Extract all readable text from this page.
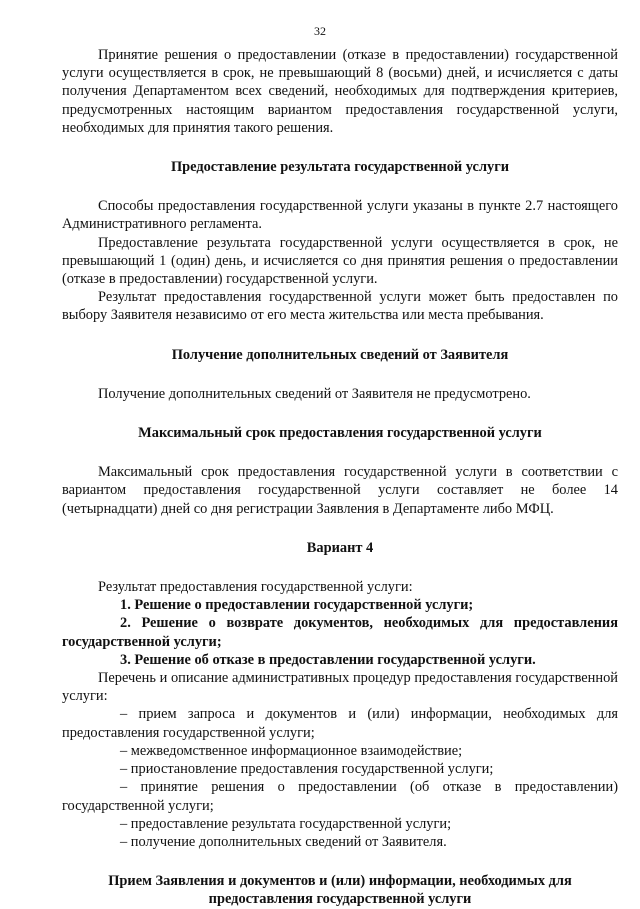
32

Принятие решения о предоставлении (отказе в предоставлении) государственной услуги осуществляется в срок, не превышающий 8 (восьми) дней, и исчисляется с даты получения Департаментом всех сведений, необходимых для подтверждения критериев, предусмотренных настоящим вариантом предоставления государственной услуги, необходимых для принятия такого решения.

Предоставление результата государственной услуги

Способы предоставления государственной услуги указаны в пункте 2.7 настоящего Административного регламента.

Предоставление результата государственной услуги осуществляется в срок, не превышающий 1 (один) день, и исчисляется со дня принятия решения о предоставлении (отказе в предоставлении) государственной услуги.

Результат предоставления государственной услуги может быть предоставлен по выбору Заявителя независимо от его места жительства или места пребывания.

Получение дополнительных сведений от Заявителя

Получение дополнительных сведений от Заявителя не предусмотрено.

Максимальный срок предоставления государственной услуги

Максимальный срок предоставления государственной услуги в соответствии с вариантом предоставления государственной услуги составляет не более 14 (четырнадцати) дней со дня регистрации Заявления в Департаменте либо МФЦ.

Вариант 4

Результат предоставления государственной услуги:

1. Решение о предоставлении государственной услуги;

2. Решение о возврате документов, необходимых для предоставления государственной услуги;

3. Решение об отказе в предоставлении государственной услуги.

Перечень и описание административных процедур предоставления государственной услуги:

– прием запроса и документов и (или) информации, необходимых для предоставления государственной услуги;

– межведомственное информационное взаимодействие;

– приостановление предоставления государственной услуги;

– принятие решения о предоставлении (об отказе в предоставлении) государственной услуги;

– предоставление результата государственной услуги;

– получение дополнительных сведений от Заявителя.

Прием Заявления и документов и (или) информации, необходимых для

предоставления государственной услуги
